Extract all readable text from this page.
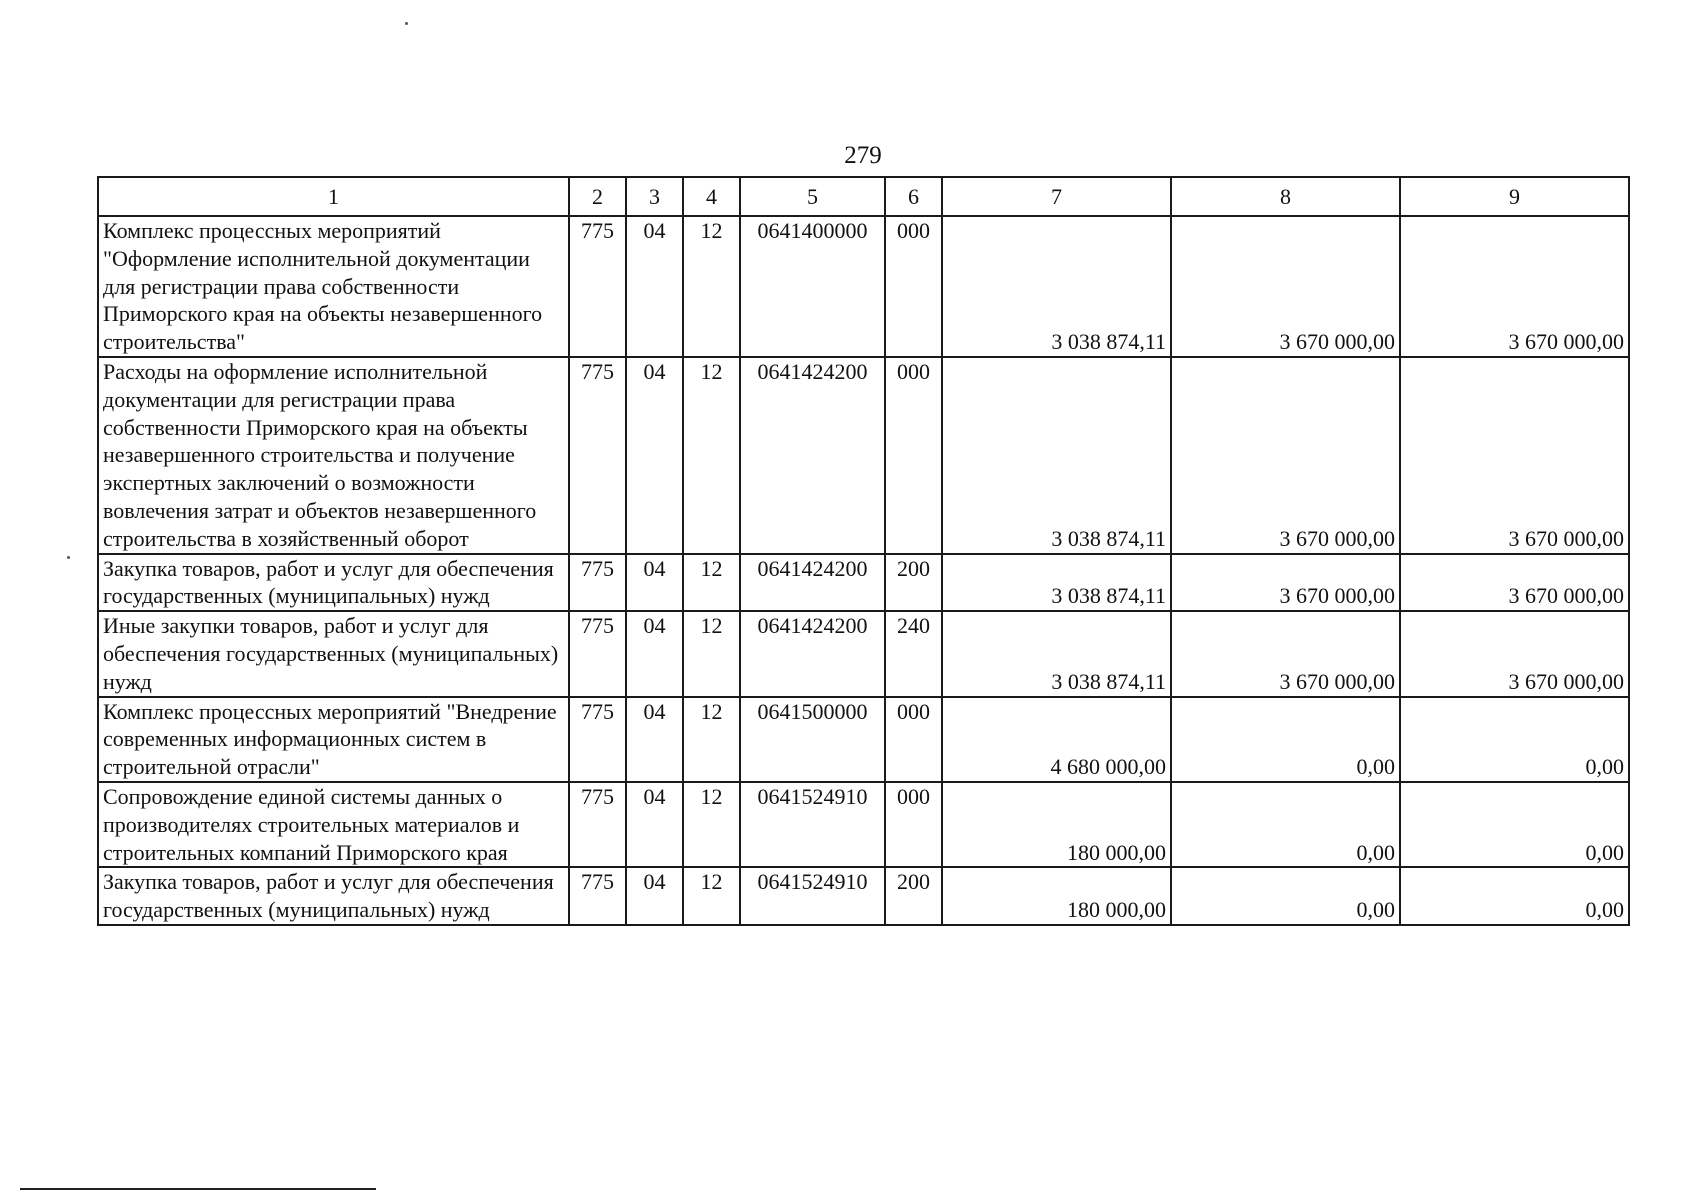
279
1	2	3	4	5	6	7	8	9
Комплекс процессных мероприятий "Оформление исполнительной документации для регистрации права собственности Приморского края на объекты незавершенного строительства"	775	04	12	0641400000	000	3 038 874,11	3 670 000,00	3 670 000,00
Расходы на оформление исполнительной документации для регистрации права собственности Приморского края на объекты незавершенного строительства и получение экспертных заключений о возможности вовлечения затрат и объектов незавершенного строительства в хозяйственный оборот	775	04	12	0641424200	000	3 038 874,11	3 670 000,00	3 670 000,00
Закупка товаров, работ и услуг для обеспечения государственных (муниципальных) нужд	775	04	12	0641424200	200	3 038 874,11	3 670 000,00	3 670 000,00
Иные закупки товаров, работ и услуг для обеспечения государственных (муниципальных) нужд	775	04	12	0641424200	240	3 038 874,11	3 670 000,00	3 670 000,00
Комплекс процессных мероприятий "Внедрение современных информационных систем в строительной отрасли"	775	04	12	0641500000	000	4 680 000,00	0,00	0,00
Сопровождение единой системы данных о производителях строительных материалов и строительных компаний Приморского края	775	04	12	0641524910	000	180 000,00	0,00	0,00
Закупка товаров, работ и услуг для обеспечения государственных (муниципальных) нужд	775	04	12	0641524910	200	180 000,00	0,00	0,00
